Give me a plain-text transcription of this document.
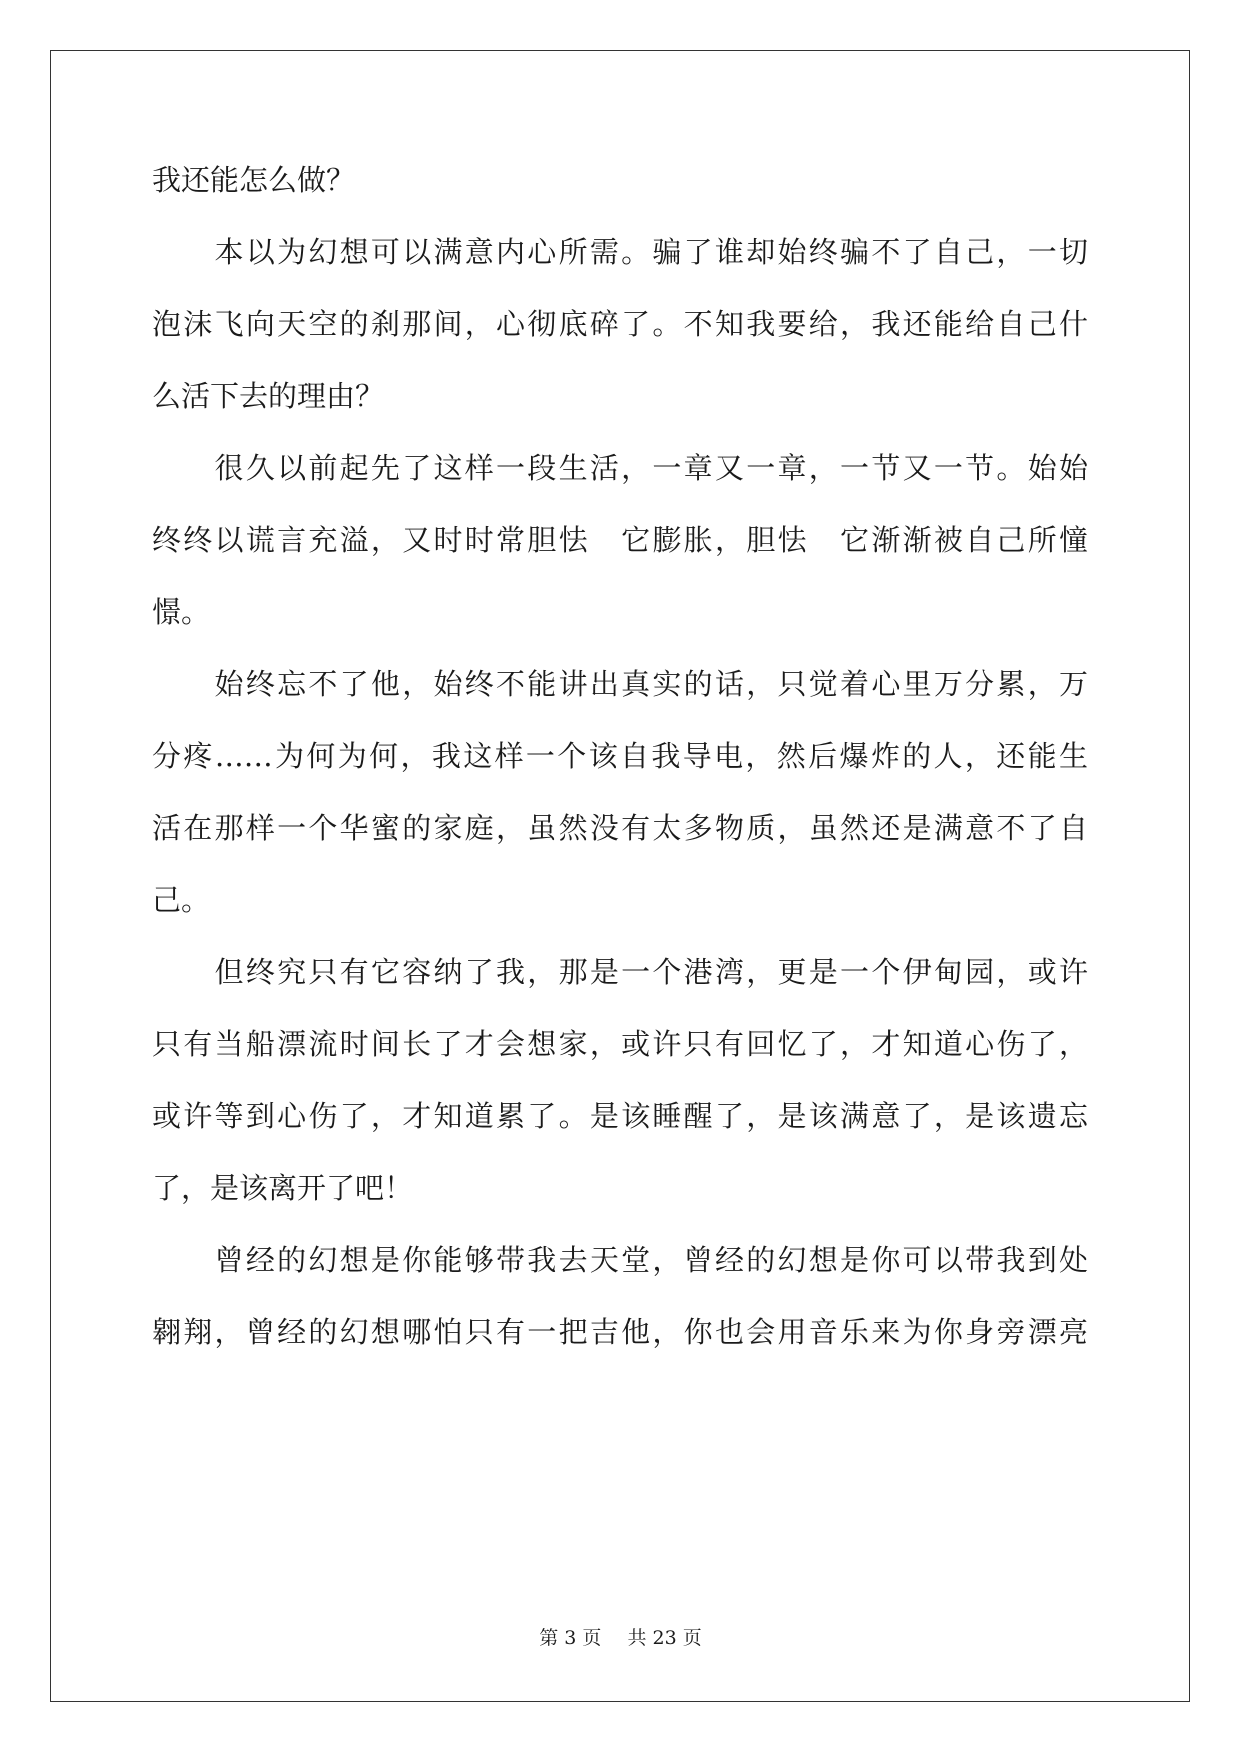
我还能怎么做？
　　本以为幻想可以满意内心所需。骗了谁却始终骗不了自己，一切
泡沫飞向天空的刹那间，心彻底碎了。不知我要给，我还能给自己什
么活下去的理由？
　　很久以前起先了这样一段生活，一章又一章，一节又一节。始始
终终以谎言充溢，又时时常胆怯　它膨胀，胆怯　它渐渐被自己所憧
憬。
　　始终忘不了他，始终不能讲出真实的话，只觉着心里万分累，万
分疼……为何为何，我这样一个该自我导电，然后爆炸的人，还能生
活在那样一个华蜜的家庭，虽然没有太多物质，虽然还是满意不了自
己。
　　但终究只有它容纳了我，那是一个港湾，更是一个伊甸园，或许
只有当船漂流时间长了才会想家，或许只有回忆了，才知道心伤了，
或许等到心伤了，才知道累了。是该睡醒了，是该满意了，是该遗忘
了，是该离开了吧！
　　曾经的幻想是你能够带我去天堂，曾经的幻想是你可以带我到处
翱翔，曾经的幻想哪怕只有一把吉他，你也会用音乐来为你身旁漂亮
第 3 页 共 23 页
